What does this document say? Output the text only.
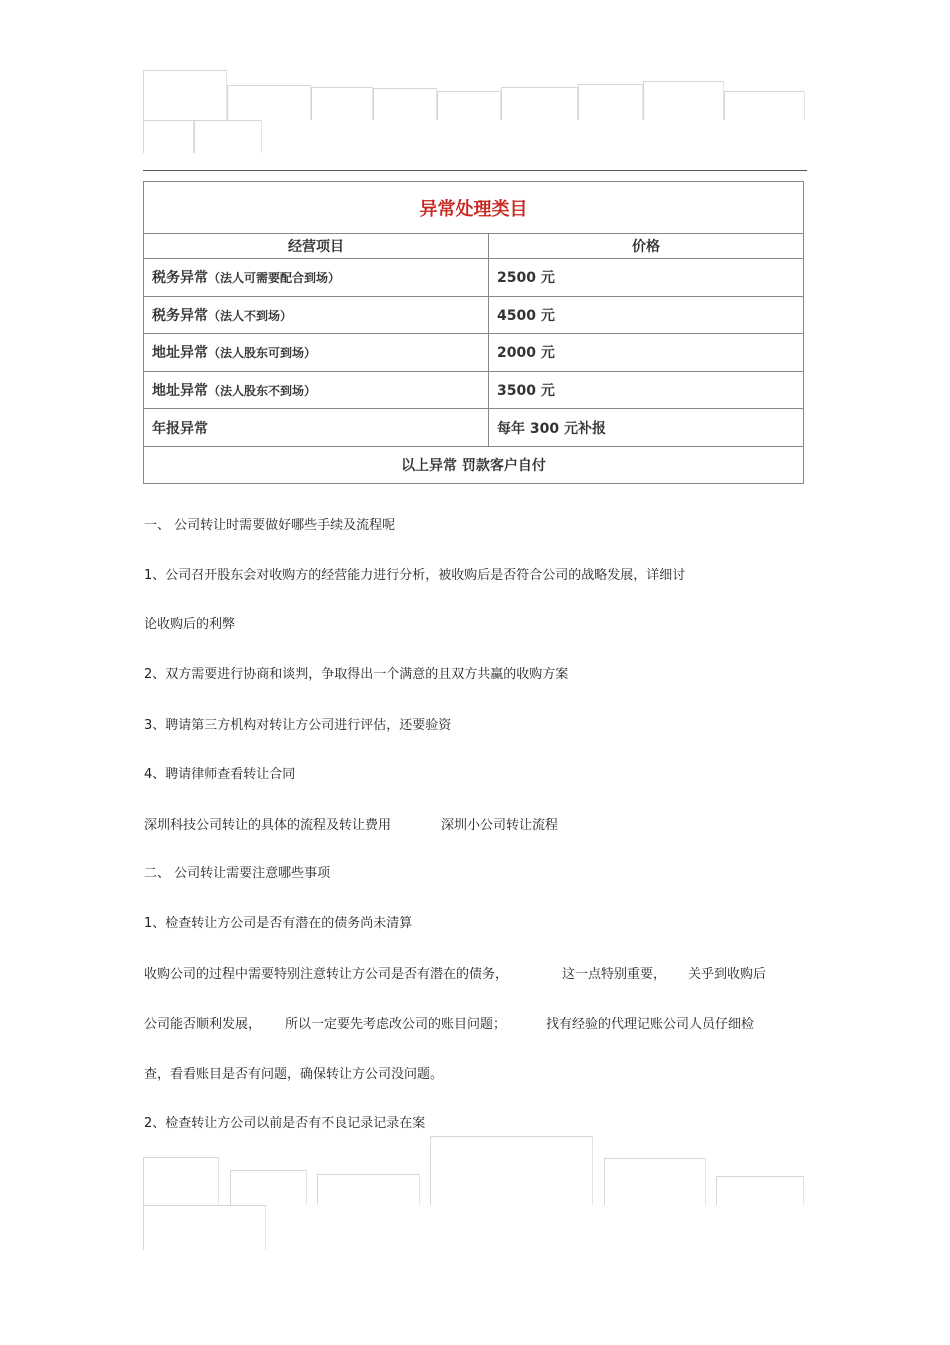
异常处理类目	
经营项目	价格
税务异常（法人可需要配合到场）	2500 元
税务异常（法人不到场）	4500 元
地址异常（法人股东可到场）	2000 元
地址异常（法人股东不到场）	3500 元
年报异常	每年 300 元补报
以上异常 罚款客户自付	
一、 公司转让时需要做好哪些手续及流程呢
1、公司召开股东会对收购方的经营能力进行分析，被收购后是否符合公司的战略发展，详细讨
论收购后的利弊
2、双方需要进行协商和谈判，争取得出一个满意的且双方共赢的收购方案
3、聘请第三方机构对转让方公司进行评估，还要验资
4、聘请律师查看转让合同
深圳科技公司转让的具体的流程及转让费用	深圳小公司转让流程
二、 公司转让需要注意哪些事项
1、检查转让方公司是否有潜在的债务尚未清算
收购公司的过程中需要特别注意转让方公司是否有潜在的债务，	这一点特别重要， 关乎到收购后
公司能否顺利发展， 所以一定要先考虑改公司的账目问题；	找有经验的代理记账公司人员仔细检
查，看看账目是否有问题，确保转让方公司没问题。
2、检查转让方公司以前是否有不良记录记录在案
